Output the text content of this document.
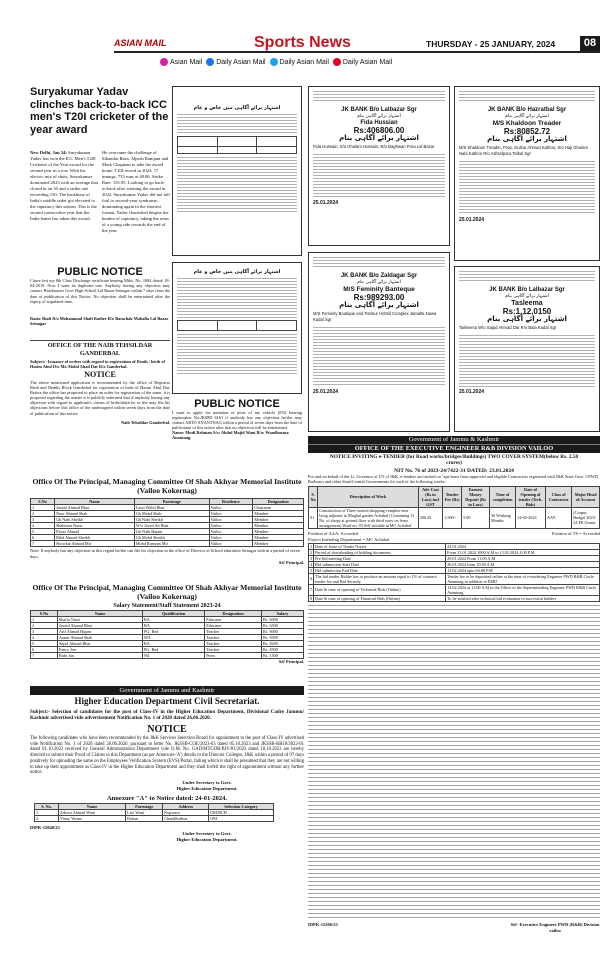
ASIAN MAIL	Sports News	THURSDAY - 25 JANUARY, 2024	08
Asian Mail Daily Asian Mail Daily Asian Mail Daily Asian Mail
Suryakumar Yadav clinches back-to-back ICC men's T20I cricketer of the year award
New Delhi, Jan 24: Suryakumar Yadav has won the ICC Men's T20I Cricketer of the Year award for the second year in a row. With his electric mix of shots, Suryakumar dominated 2023 with an average that closed in on 50 and a strike rate exceeding 150. The backbone of India's middle order got elevated to the captaincy this season. This is the second consecutive year that the India batter has taken this award.
He overcame the challenge of Sikandar Raza, Alpesh Ramjani and Mark Chapman to take the award home. T20I record in 2023: 17 innings, 733 runs at 48.86. Strike Rate: 155.95. Looking to go back-to-back after winning the award in 2022, Suryakumar Yadav did not fall foul to second-year syndrome, dominating again in the shortest format. Yadav flourished despite the burden of captaincy, taking the reins of a young side towards the end of the year.
PUBLIC NOTICE
I have lost my 8th Class Discharge certificate bearing Mrks. No. 1084 dated: 18-04-2019. Now I want its duplicate one. Anybody having any objection may contact Headmaster Govt High School Lal Bazar Srinagar within 7 days from the date of publication of this Notice. No objection shall be entertained after the expiry of stipulated time.
Razia Shafi D/o Mohammad Shafi Rather R/o Batachak Mohalla Lal Bazar Srinagar
OFFICE OF THE NAIB TEHSILDAR GANDERBAL
Subject:- Issuance of orders with regard to registration of Death / birth of Hasim Abul D/o Mo Abdul Ahad Dar R/o Ganderbal.
NOTICE
The above mentioned application is recommended by the office of Registrar Birth and Deaths Block Ganderbal for registration of birth of Hasim Abul Dar. Before the office has proposed to place an order for registration of the same, it is proposed regarding the matter it is publicly informed that if anybody having any objection with regard to applicant's claims of birth/death he or she may file his objections before this office of the undersigned within seven days from the date of publication of this notice.
Naib Tehsildar Ganderbal.
اشتہار برائے آگاہی میں خاص و عام

اشتہار برائے آگاہی میں خاص و عام

PUBLIC NOTICE
I want to apply for mutation of plots of my vehicle (EN) bearing registration No:JK08D 6161 if anybody has any objection he/she may contact ARTO ANANTNAG within a period of seven days from the date of publication of this notice after that no objection will be entertained.
Name: Mudi Rehman S/o: Abdul Majid Wani R/o: Wandharma Anantnag.
Office Of The Principal, Managing Committee Of Shah Akhyar Memorial Institute (Vailoo Kokernag)
S.No	Name	Parentage	Residence	Designation
1	Javaid Ahmad Bhat	Lassi Walid Bhat	Vailoo	Chairman
2	Noor Ahmad Shah	Gh Mohd Shah	Vailoo	Member
3	Gh Nabi Sheikh	Gh Nabi Sheikh	Vailoo	Member
4	Shabroon Nazir	W/o Javed Ah Bhat	Vailoo	Member
5	Fayaz Ahmad	Gh Nabi Hajam	Vailoo	Member
6	Bilal Ahmad Sheikh	Gh Mohd Sheikh	Vailoo	Member
7	Showkat Ahmad Mir	Mohd Ramzan Mir	Vailoo	Member
Note: If anybody has any objection in this regard he/she can file his objection in the office of Director of School education Srinagar with in a period of seven days.
Sd/ Principal.
Office Of The Principal, Managing Committee Of Shah Akhyar Memorial Institute (Vailoo Kokernag)
Salary Statement/Staff Statement 2023-24
S.No	Name	Qualification	Designation	Salary
1	Shafia Nazir	BA	Educator	Rs. 6000
2	Javaid Ahmad Bhat	BA	Educator	Rs. 6500
3	Arif Ahmad Hajam	PG, Bed	Teacher	Rs. 8000
4	Aamir Ahmad Shah	MA	Teacher	Rs. 8500
5	Sajad Ahmad Bhat	BA	Teacher	Rs. 8200
6	Fancy Jan	PG, Bed	Teacher	Rs. 8500
7	Rubi Jan	Nil	Peon	Rs. 1500
Sd/ Principal.
Government of Jammu and Kashmir
Higher Education Department Civil Secretariat.
Subject:- Selection of candidates for the post of Class-IV in the Higher Education Department, Divisional Cadre Jammu/ Kashmir advertised vide advertisement Notification No. 1 of 2020 dated 26.06.2020.
NOTICE
The following candidates who have been recommended by the J&K Services Selection Board for appointment to the post of Class-IV advertised vide Notification No. 1 of 2020 dated 26.06.2020, pursuant to letter No. JKSSB-COE/2023-63 dated 05.10.2023 and JKSSB-RB18/2022-01 dated 01.10.2023 received by General Administration Department vide O.M. No. GAD/MTGOR/BIV/01/2023 dated 18.10.2023 are hereby directed to submit their Proof of Claims to this Department (as per Annexure-'A') details to the Director Colleges, J&K within a period of 07 days positively for uploading the same on the Employees Verification System (EVS)/Portal, failing which it shall be presumed that they are not willing to take up their appointment as Class-IV in the Higher Education Department and they shall forfeit the right of appointment without any further notice.
Under Secretary to Govt.
Higher Education Department.
Annexure "A" to Notice dated: 24-01-2024.
S. No.	Name	Parentage	Address	Selection Category
1.	Zahoor Ahmad Wani	Lasi Wani	Kupwara	OM/BCH
2.	Vinay Verma	Battan	ChandKathua	OM
DIPK-15840/23
Under Secretary to Govt.
Higher Education Department.
JK BANK B/o Lalbazar Sgr
اشتہار برائے آگاہی بنام
Fida Hussian
Rs:406806.00
اشتہار برائے آگاہی بنام
Fida Hussain, S/o Ghulam Hussain, R/o Baghwan Pora Lal Bazar
25.01.2024
JK BANK B/o Hazratbal Sgr
اشتہار برائے آگاہی بنام
M/S Khaldoon Treader
Rs:80852.72
اشتہار برائے آگاہی بنام
M/S Khaldoon Treader, Prop. Gulzar Ahmad Kathoo, S/o Haji Ghulam Nabi Kathoo R/o Ashrafpora Telbal Sgr
25.01.2024
JK BANK B/o Zaldagar Sgr
اشتہار برائے آگاہی بنام
M/S Feminity Banteque
Rs:989293.00
اشتہار برائے آگاہی بنام
M/S Feminity Boutique and Parlour Hotmil Complex Jamalta Nawa Kadal Sgr
25.01.2024
JK BANK B/o Lalbazar Sgr
اشتہار برائے آگاہی بنام
Tasleema
Rs:1,12,0150
اشتہار برائے آگاہی بنام
Tasleema W/o Sajad Ahmad Dar R/o Bala Kadal Sgr
25.01.2024
Government of Jammu & Kashmir
OFFICE OF THE EXECUTIVE ENGINEER R&B DIVISION VAILOO
NOTICE INVITING e-TENDER (for Road works/bridges/Buildings) TWO COVER SYSTEM(below Rs. 2.50 crores)
NIT No. 76 of 2023-24/7422-31 DATED: 23.01.2024
For and on behalf of the Lt. Governor of UT of J&K, e-tenders are invited on "ape basis from approved and eligible Contractors registered with J&K State Govt. CPWD, Railways and other State/Central Governments for each of the following works:-
S. No	Description of Work	Adv Cost (Rs in Lacs) incl GST	Tender Fee (Rs)	Earnest Money Deposit (Rs in Lacs)	Time of completion	Date of Opening of tender (Tech. Bids)	Class of Contractor	Major Head of Account
01	Construction of Three storied shopping complex near lying adjacent to Mughal garden Achabal (Containing 11 No. of shops at ground floor with third story on lease arrangement) Ward no. 03 Self suitable at MC Achabal	206.45	1,500/-	5.00	30 Working Months	14-02-2024	AAY	(Corpus Budget 2023-24 PE Grants
Position of AAA: Accorded	Position of TS = Accorded
Project Intending Department = MC Achabal
1	Date of Issue of Tender Notice	23.01.2024
2	Period of downloading of bidding documents	From 23.01.2024 1000 A.M to 13.02.2024 4.00 P.M
3	Pre-bid meeting Date	29.01.2024 From 11:00 A.M
4	Bid submission Start Date	26.01.2024 from 10:00 A.M
5	Bid submission End Date	13.02.2024 upto 04:00 P.M
6	The bid tender Bidder has to produce an amount equal to 1% of contract/ tender fee and Bid Security	Tender fee to be deposited online at the time of e-tendering Engineer PWD R&B Circle Anantnag in addition to EMD
7	Date & time of opening of Technical Bids (Online)	14.02.2024 at 11:00 A.M in the Office of the Superintending Engineer PWD R&B Circle Anantnag
8	Date & time of opening of Financial Bids (Online)	To be notified after technical bid evaluation to successful bidders
DIPK-15206/23	Sd/- Executive Engineer PWD (R&B) Division vailoo
